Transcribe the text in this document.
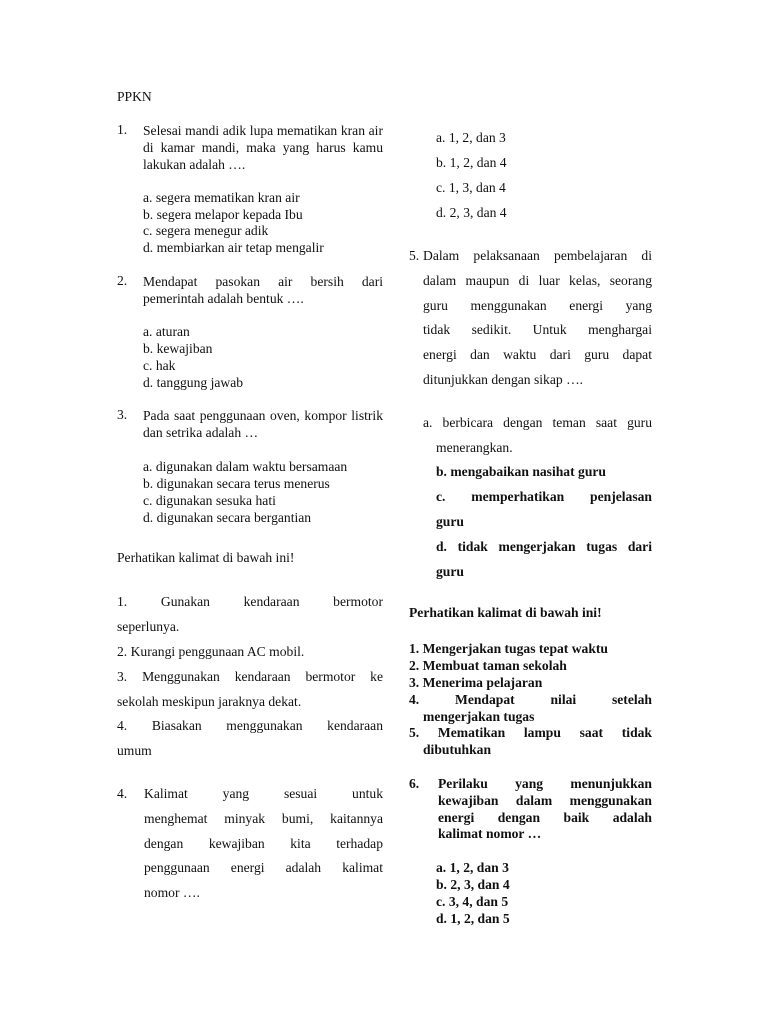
PPKN
1. Selesai mandi adik lupa mematikan kran air di kamar mandi, maka yang harus kamu lakukan adalah ….

a. segera mematikan kran air
b. segera melapor kepada Ibu
c. segera menegur adik
d. membiarkan air tetap mengalir
2. Mendapat pasokan air bersih dari pemerintah adalah bentuk ….

a. aturan
b. kewajiban
c. hak
d. tanggung jawab
3. Pada saat penggunaan oven, kompor listrik dan setrika adalah …

a. digunakan dalam waktu bersamaan
b. digunakan secara terus menerus
c. digunakan sesuka hati
d. digunakan secara bergantian
Perhatikan kalimat di bawah ini!
1. Gunakan kendaraan bermotor
seperlunya.
2. Kurangi penggunaan AC mobil.
3. Menggunakan kendaraan bermotor ke
sekolah meskipun jaraknya dekat.
4. Biasakan menggunakan kendaraan
umum
4. Kalimat yang sesuai untuk
menghemat minyak bumi, kaitannya
dengan kewajiban kita terhadap
penggunaan energi adalah kalimat
nomor ….
a. 1, 2, dan 3
b. 1, 2, dan 4
c. 1, 3, dan 4
d. 2, 3, dan 4
5. Dalam pelaksanaan pembelajaran di
dalam maupun di luar kelas, seorang
guru menggunakan energi yang
tidak sedikit. Untuk menghargai
energi dan waktu dari guru dapat
ditunjukkan dengan sikap ….
a. berbicara dengan teman saat guru
menerangkan.
b. mengabaikan nasihat guru
c. memperhatikan penjelasan
guru
d. tidak mengerjakan tugas dari
guru
Perhatikan kalimat di bawah ini!
1. Mengerjakan tugas tepat waktu
2. Membuat taman sekolah
3. Menerima pelajaran
4. Mendapat nilai setelah
mengerjakan tugas
5. Mematikan lampu saat tidak
dibutuhkan
6. Perilaku yang menunjukkan
kewajiban dalam menggunakan
energi dengan baik adalah
kalimat nomor …
a. 1, 2, dan 3
b. 2, 3, dan 4
c. 3, 4, dan 5
d. 1, 2, dan 5
